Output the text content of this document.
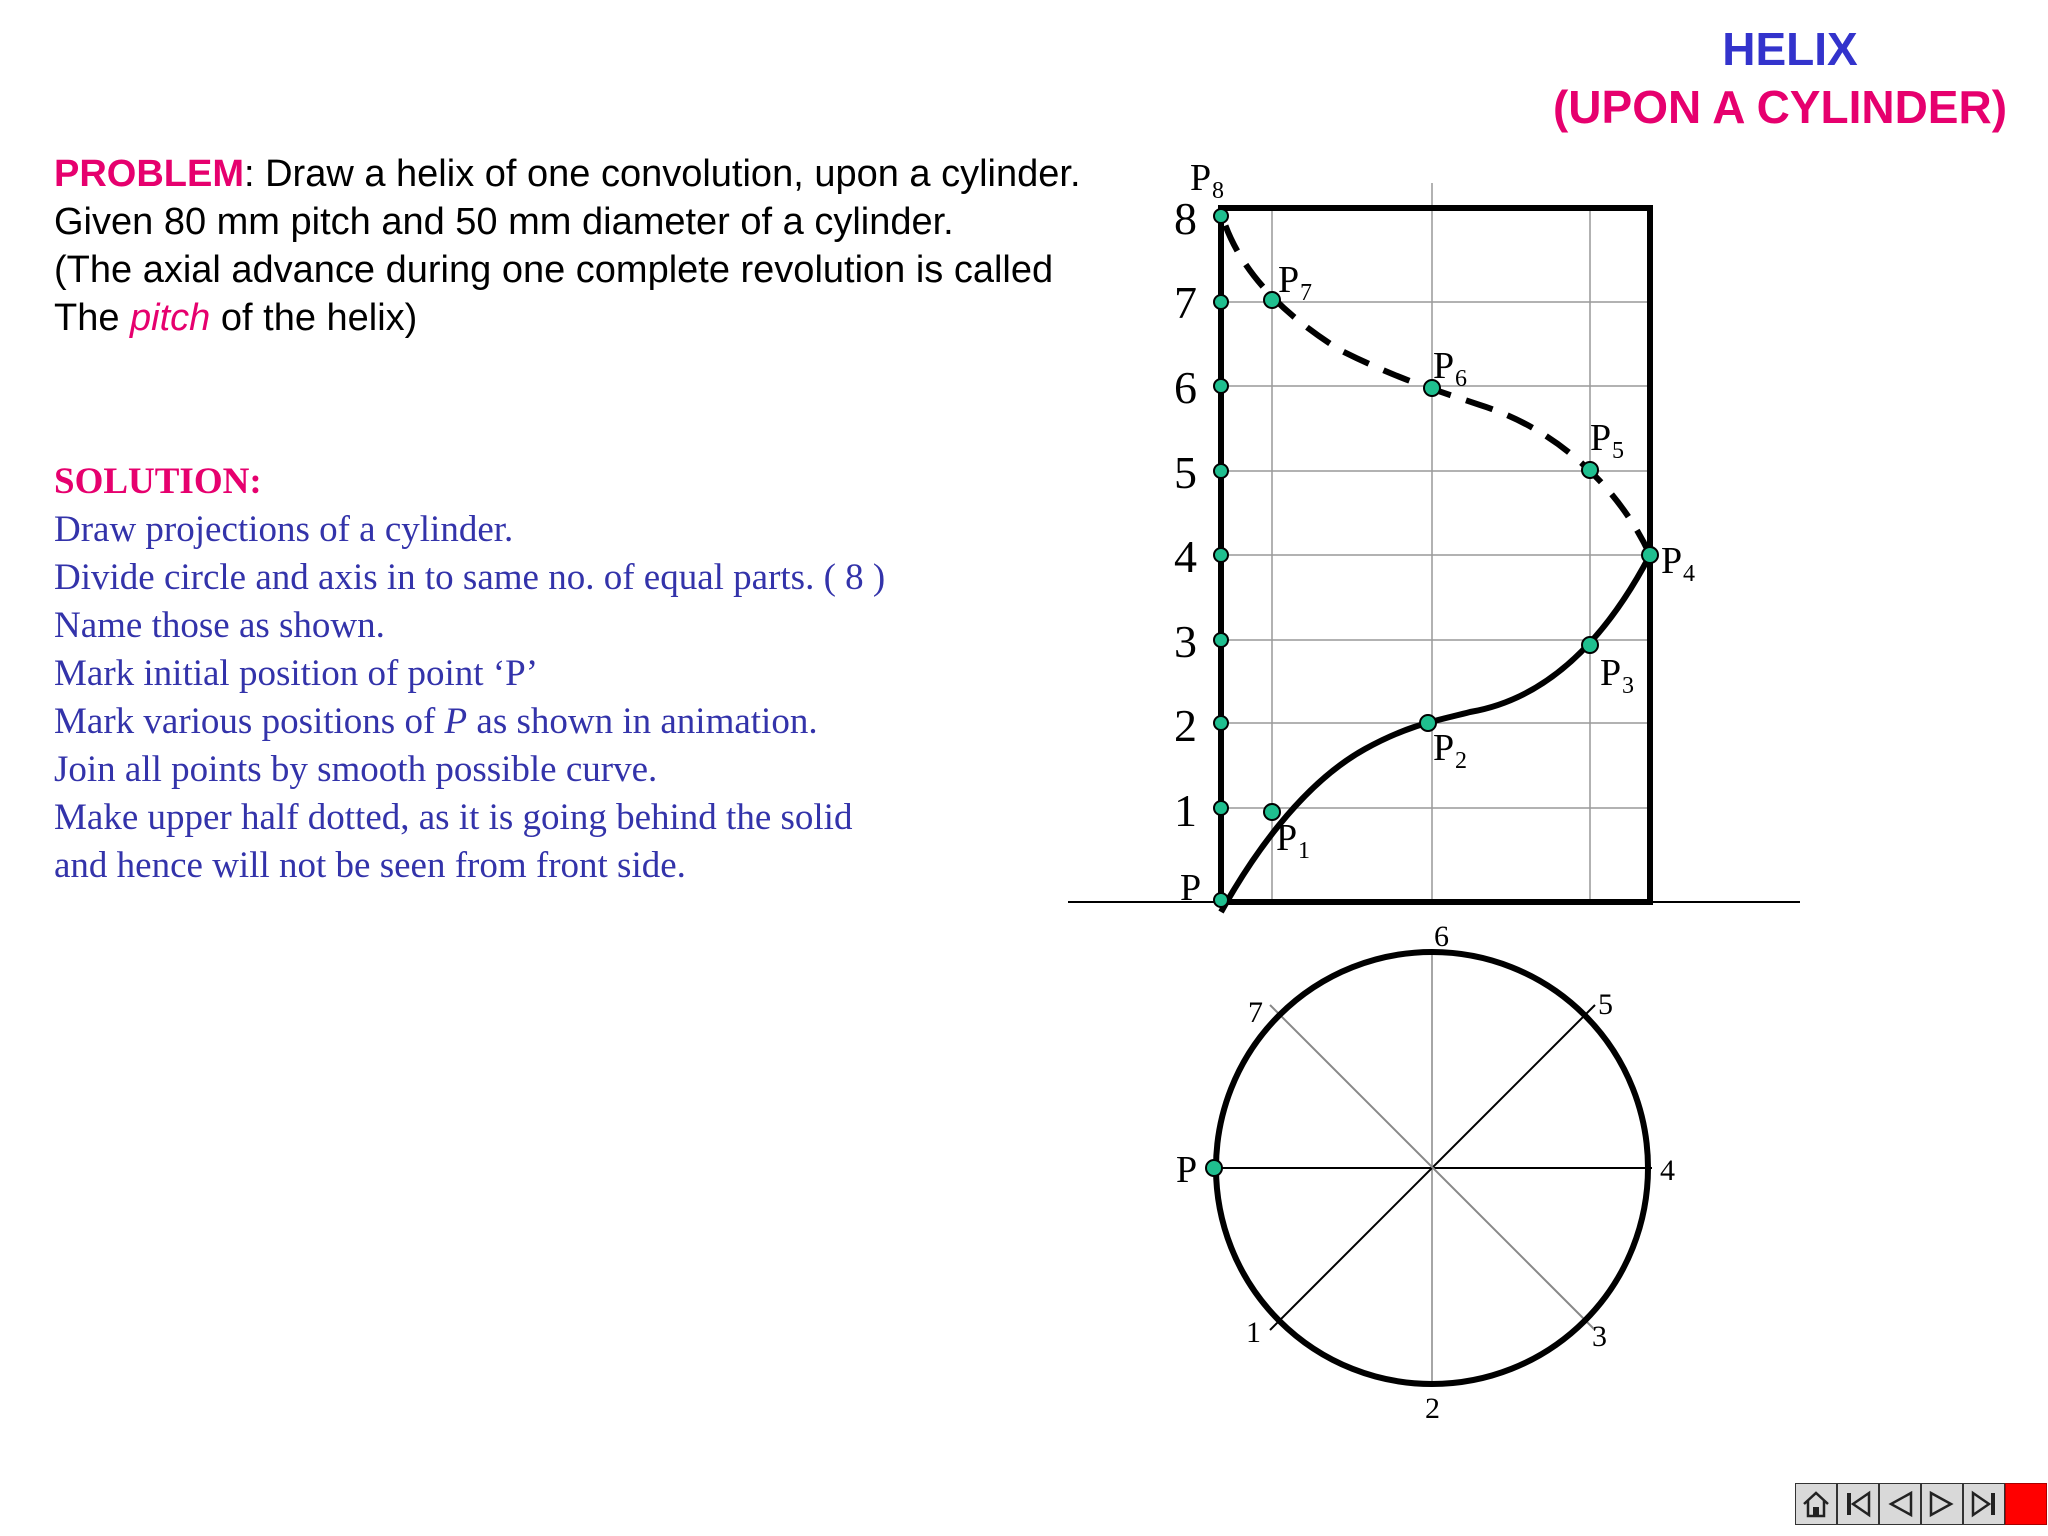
HELIX
(UPON A CYLINDER)
PROBLEM: Draw a helix of one convolution, upon a cylinder.
Given 80 mm pitch and 50 mm diameter of a cylinder.
(The axial advance during one complete revolution is called
The pitch of the helix)
SOLUTION:
Draw projections of a cylinder.
Divide circle and axis in to same no. of equal parts. ( 8 )
Name those as shown.
Mark initial position of point ‘P’
Mark various positions of P as shown in animation.
Join all points by smooth possible curve.
Make upper half dotted, as it is going behind the solid
and hence will not be seen from front side.
8
7
6
5
4
3
2
1
P
P 1
P 2
P 3
P 4
P 5
P 6
P 7
P 8
6
5
4
3
2
1
7
P
